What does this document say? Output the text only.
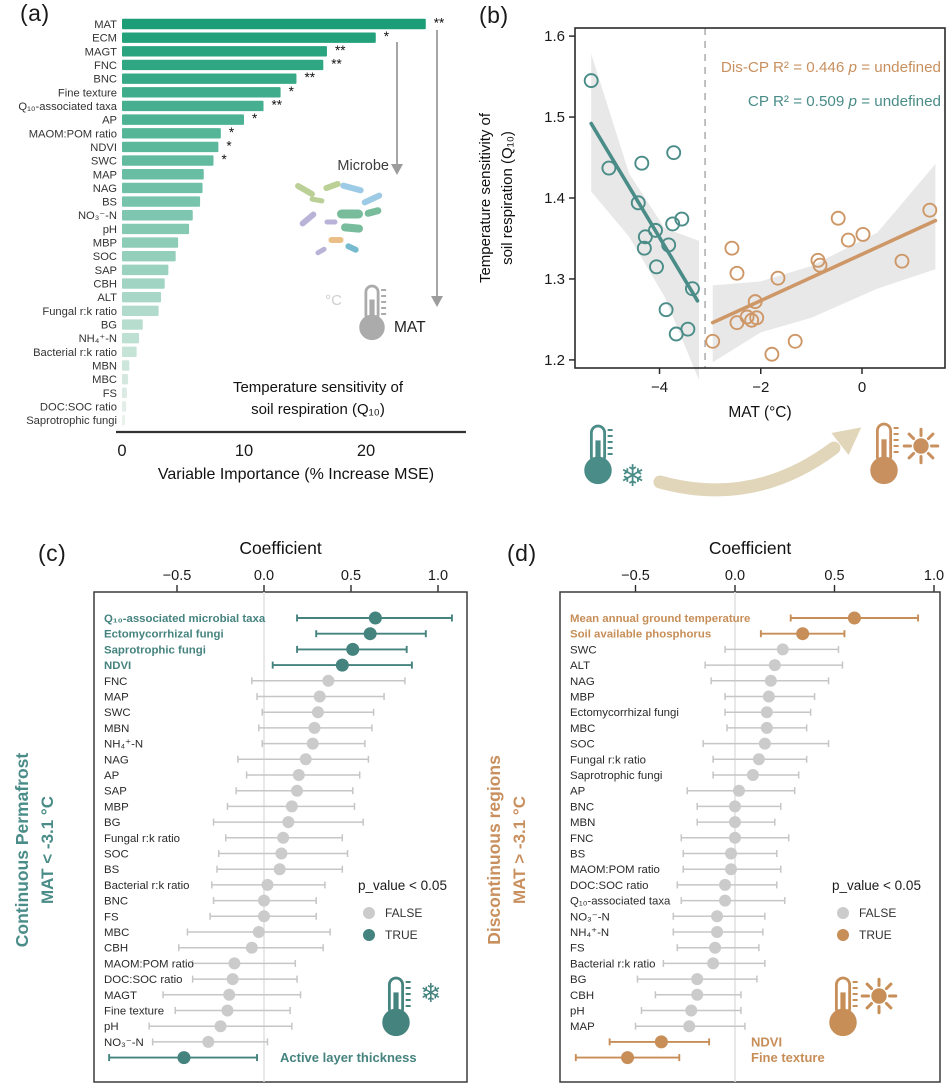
(a)	(b)
(c)	(d)
MAT	**
ECM	*
MAGT	**
FNC	**
BNC	**
Fine texture	*
Q₁₀-associated taxa	**
AP	*
MAOM:POM ratio	*
NDVI	*
SWC	*
MAP
NAG
BS
NO₃⁻-N
pH
MBP
SOC
SAP
CBH
ALT
Fungal r:k ratio
BG
NH₄⁺-N
Bacterial r:k ratio
MBN
MBC
FS
DOC:SOC ratio
Saprotrophic fungi
0	10	20
Variable Importance (% Increase MSE)
Microbe
°C
MAT
Temperature sensitivity of
soil respiration (Q₁₀)
1.2
1.3
1.4
1.5
1.6
−4	−2	0
MAT (°C)
Temperature sensitivity of soil respiration (Q₁₀)
Dis-CP R² = 0.446 p = undefined
CP R² = 0.509 p = undefined
❄
Coefficient
−0.5	0.0	0.5	1.0
Q₁₀-associated microbial taxa
Ectomycorrhizal fungi
Saprotrophic fungi
NDVI
FNC
MAP
SWC
MBN
NH₄⁺-N
NAG
AP
SAP
MBP
BG
Fungal r:k ratio
SOC
BS
Bacterial r:k ratio
BNC
FS
MBC
CBH
MAOM:POM ratio
DOC:SOC ratio
MAGT
Fine texture
pH
NO₃⁻-N
Active layer thickness
p_value < 0.05
FALSE
TRUE
❄
Continuous Permafrost MAT < -3.1 °C
Coefficient
−0.5	0.0	0.5	1.0
Mean annual ground temperature
Soil available phosphorus
SWC
ALT
NAG
MBP
Ectomycorrhizal fungi
MBC
SOC
Fungal r:k ratio
Saprotrophic fungi
AP
BNC
MBN
FNC
BS
MAOM:POM ratio
DOC:SOC ratio
Q₁₀-associated taxa
NO₃⁻-N
NH₄⁺-N
FS
Bacterial r:k ratio
BG
CBH
pH
MAP
NDVI
Fine texture
p_value < 0.05
FALSE
TRUE
Discontinuous regions MAT > -3.1 °C
